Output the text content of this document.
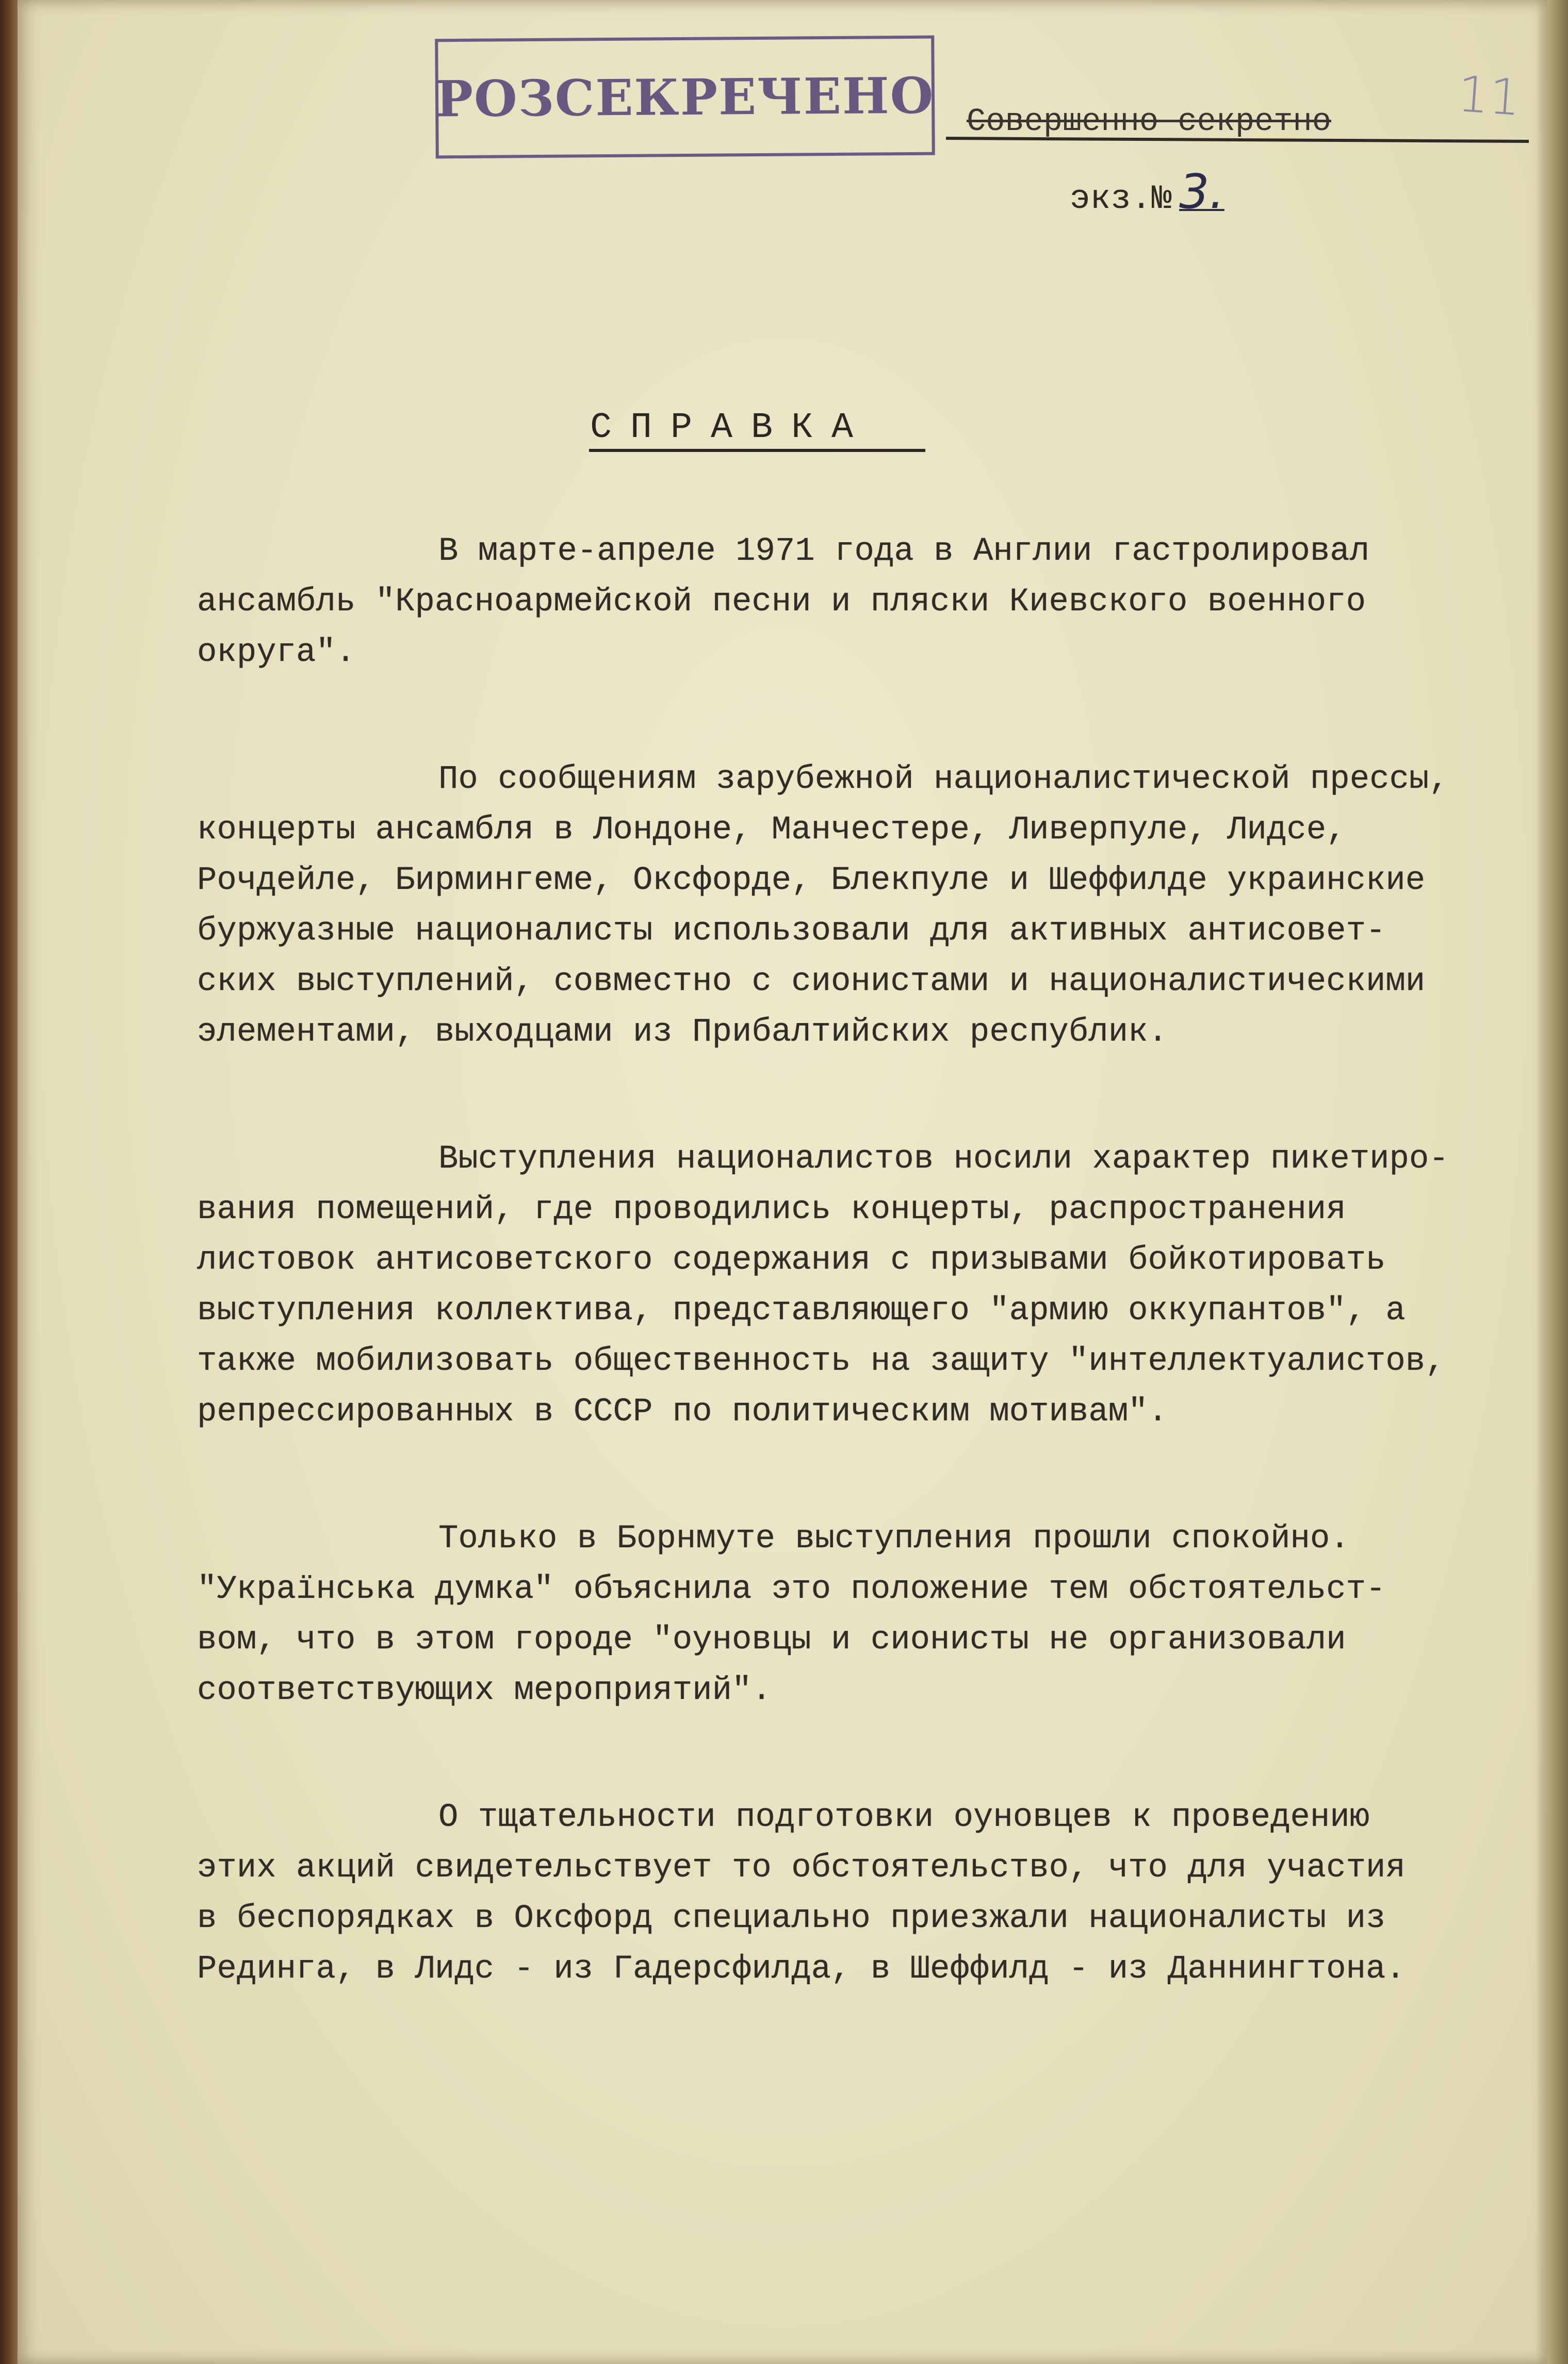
РОЗСЕКРЕЧЕНО Совершенно секретно
экз.№ 3.
11
СПРАВКА

В марте-апреле 1971 года в Англии гастролировал
ансамбль "Красноармейской песни и пляски Киевского военного
округа".

По сообщениям зарубежной националистической прессы,
концерты ансамбля в Лондоне, Манчестере, Ливерпуле, Лидсе,
Рочдейле, Бирмингеме, Оксфорде, Блекпуле и Шеффилде украинские
буржуазные националисты использовали для активных антисовет-
ских выступлений, совместно с сионистами и националистическими
элементами, выходцами из Прибалтийских республик.

Выступления националистов носили характер пикетиро-
вания помещений, где проводились концерты, распространения
листовок антисоветского содержания с призывами бойкотировать
выступления коллектива, представляющего "армию оккупантов", а
также мобилизовать общественность на защиту "интеллектуалистов,
репрессированных в СССР по политическим мотивам".

Только в Борнмуте выступления прошли спокойно.
"Українська думка" объяснила это положение тем обстоятельст-
вом, что в этом городе "оуновцы и сионисты не организовали
соответствующих мероприятий".

О тщательности подготовки оуновцев к проведению
этих акций свидетельствует то обстоятельство, что для участия
в беспорядках в Оксфорд специально приезжали националисты из
Рединга, в Лидс - из Гадерсфилда, в Шеффилд - из Даннингтона.
